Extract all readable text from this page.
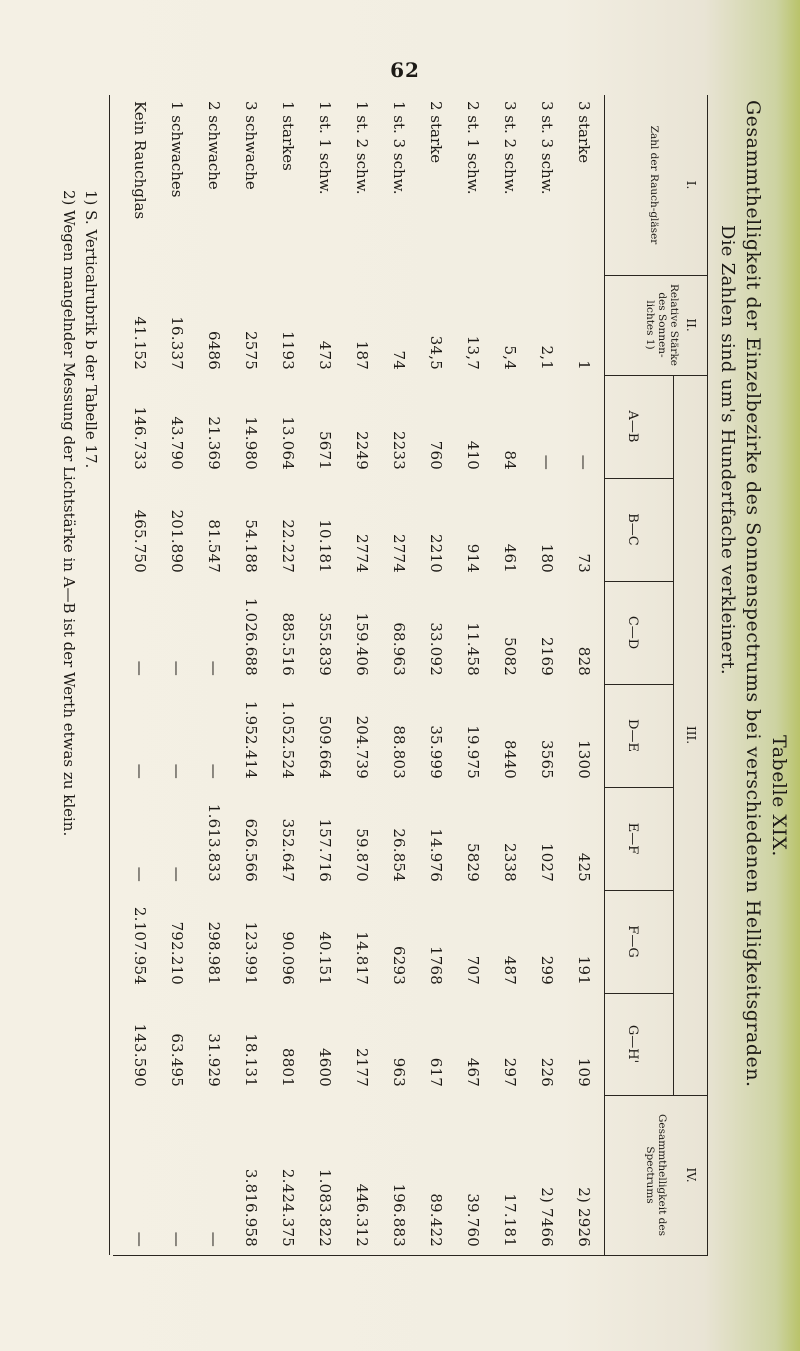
62
Tabelle XIX.
Gesammthelligkeit der Einzelbezirke des Sonnenspectrums bei verschiedenen Helligkeitsgraden.
Die Zahlen sind um's Hundertfache verkleinert.
I.
Zahl der Rauch-gläser
II.
Relative Stärke des Sonnen-lichtes 1)
III.
IV.
Gesammthelligkeit des Spectrums
A—B
B—C
C—D
D—E
E—F
F—G
G—H'
3 starke
1
—
73
828
1300
425
191
109
2) 2926
3 st. 3 schw.
2,1
—
180
2169
3565
1027
299
226
2) 7466
3 st. 2 schw.
5,4
84
461
5082
8440
2338
487
297
17.181
2 st. 1 schw.
13,7
410
914
11.458
19.975
5829
707
467
39.760
2 starke
34,5
760
2210
33.092
35.999
14.976
1768
617
89.422
1 st. 3 schw.
74
2233
2774
68.963
88.803
26.854
6293
963
196.883
1 st. 2 schw.
187
2249
2774
159.406
204.739
59.870
14.817
2177
446.312
1 st. 1 schw.
473
5671
10.181
355.839
509.664
157.716
40.151
4600
1.083.822
1 starkes
1193
13.064
22.227
885.516
1.052.524
352.647
90.096
8801
2.424.375
3 schwache
2575
14.980
54.188
1.026.688
1.952.414
626.566
123.991
18.131
3.816.958
2 schwache
6486
21.369
81.547
—
—
1.613.833
298.981
31.929
—
1 schwaches
16.337
43.790
201.890
—
—
—
792.210
63.495
—
Kein Rauchglas
41.152
146.733
465.750
—
—
—
2.107.954
143.590
—
1) S. Verticalrubrik b der Tabelle 17.
2) Wegen mangelnder Messung der Lichtstärke in A—B ist der Werth etwas zu klein.
